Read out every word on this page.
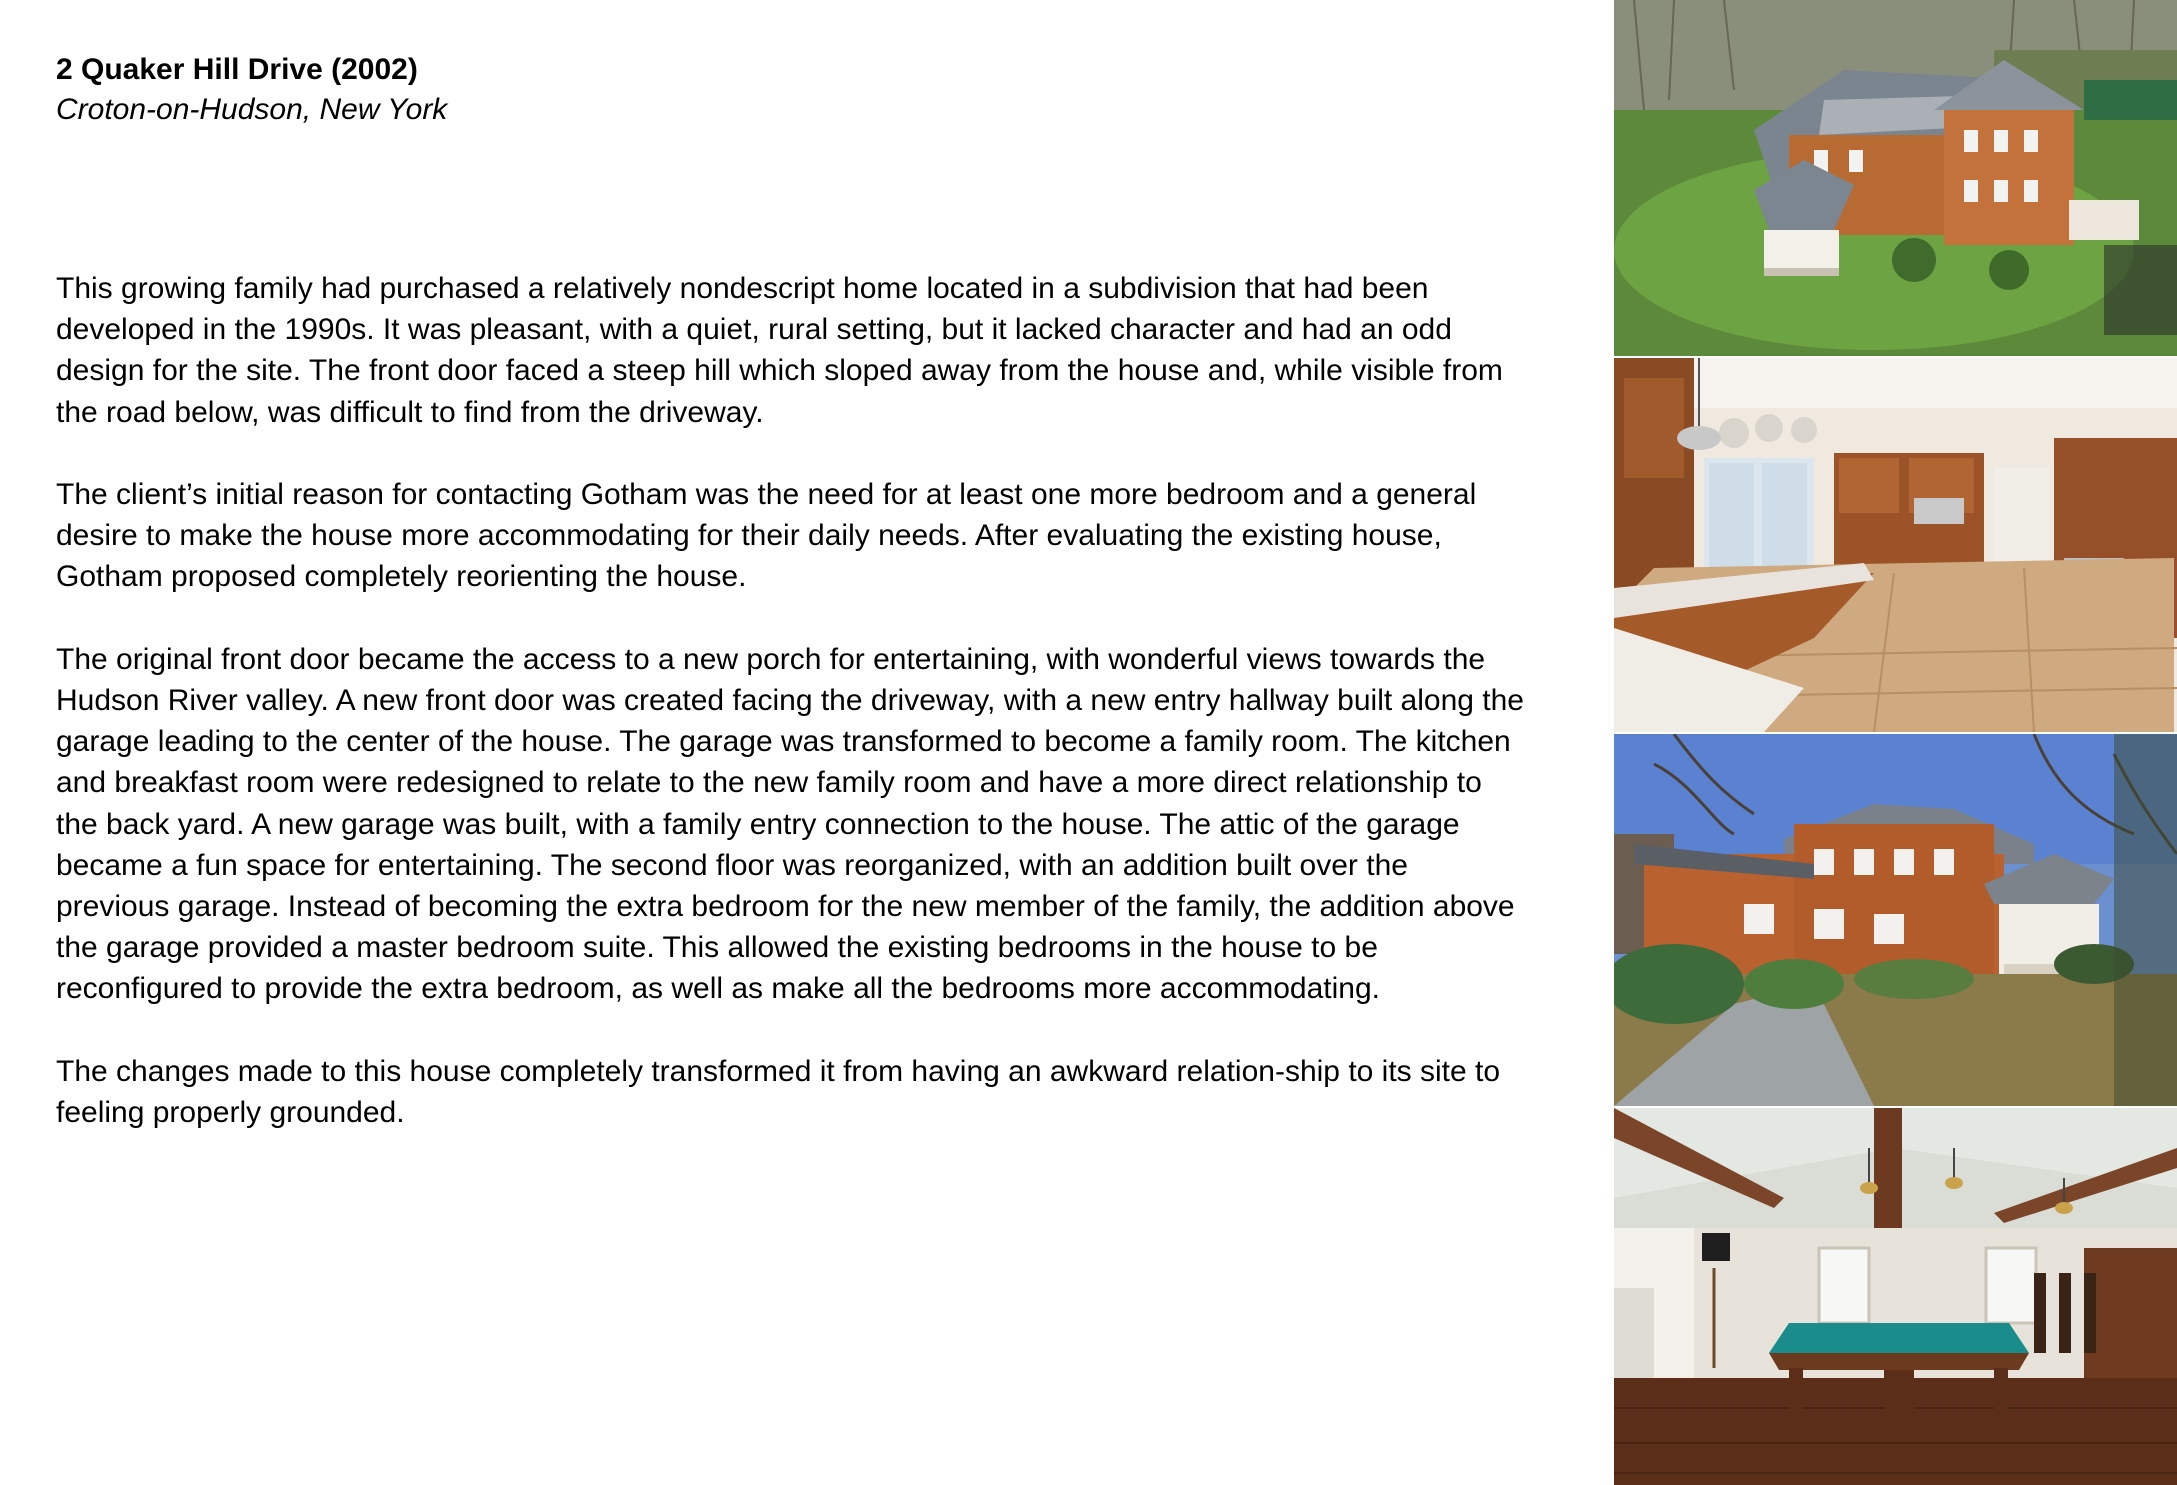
2 Quaker Hill Drive (2002)

Croton-on-Hudson, New York

This growing family had purchased a relatively nondescript home located in a subdivision that had been developed in the 1990s. It was pleasant, with a quiet, rural setting, but it lacked character and had an odd design for the site. The front door faced a steep hill which sloped away from the house and, while visible from the road below, was difficult to find from the driveway.

The client’s initial reason for contacting Gotham was the need for at least one more bedroom and a general desire to make the house more accommodating for their daily needs. After evaluating the existing house, Gotham proposed completely reorienting the house.

The original front door became the access to a new porch for entertaining, with wonderful views towards the Hudson River valley. A new front door was created facing the driveway, with a new entry hallway built along the garage leading to the center of the house. The garage was transformed to become a family room. The kitchen and breakfast room were redesigned to relate to the new family room and have a more direct relationship to the back yard. A new garage was built, with a family entry connection to the house. The attic of the garage became a fun space for entertaining. The second floor was reorganized, with an addition built over the previous garage. Instead of becoming the extra bedroom for the new member of the family, the addition above the garage provided a master bedroom suite. This allowed the existing bedrooms in the house to be reconfigured to provide the extra bedroom, as well as make all the bedrooms more accommodating.

The changes made to this house completely transformed it from having an awkward relation-ship to its site to feeling properly grounded.
